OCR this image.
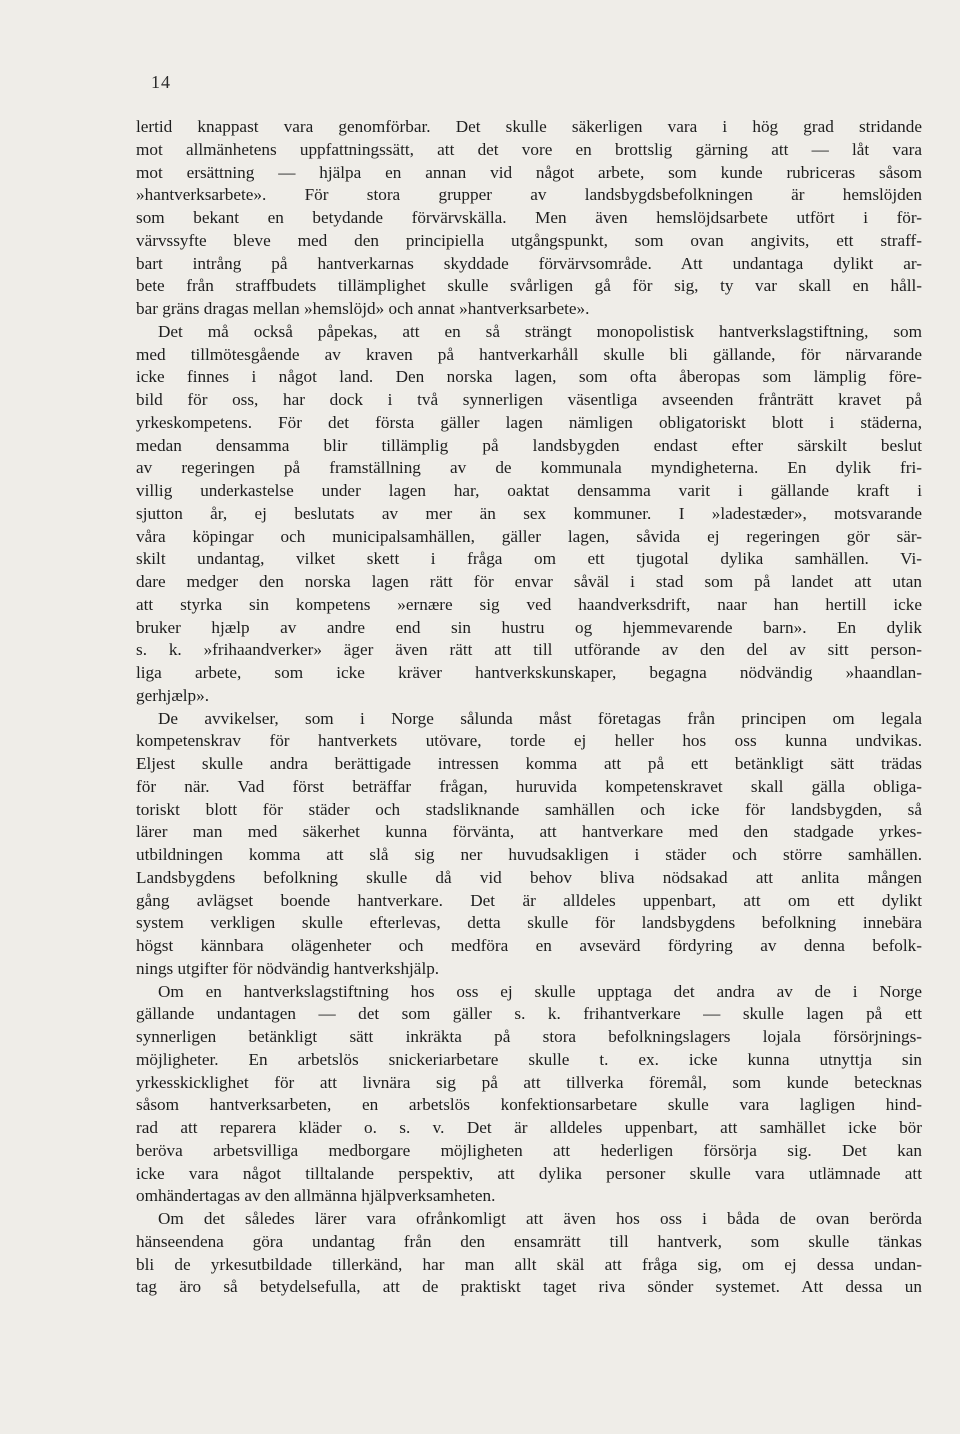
14
lertid knappast vara genomförbar. Det skulle säkerligen vara i hög grad stridande
mot allmänhetens uppfattningssätt, att det vore en brottslig gärning att — låt vara
mot ersättning — hjälpa en annan vid något arbete, som kunde rubriceras såsom
»hantverksarbete». För stora grupper av landsbygdsbefolkningen är hemslöjden
som bekant en betydande förvärvskälla. Men även hemslöjdsarbete utfört i för-
värvssyfte bleve med den principiella utgångspunkt, som ovan angivits, ett straff-
bart intrång på hantverkarnas skyddade förvärvsområde. Att undantaga dylikt ar-
bete från straffbudets tillämplighet skulle svårligen gå för sig, ty var skall en håll-
bar gräns dragas mellan »hemslöjd» och annat »hantverksarbete».
Det må också påpekas, att en så strängt monopolistisk hantverkslagstiftning, som
med tillmötesgående av kraven på hantverkarhåll skulle bli gällande, för närvarande
icke finnes i något land. Den norska lagen, som ofta åberopas som lämplig före-
bild för oss, har dock i två synnerligen väsentliga avseenden frånträtt kravet på
yrkeskompetens. För det första gäller lagen nämligen obligatoriskt blott i städerna,
medan densamma blir tillämplig på landsbygden endast efter särskilt beslut
av regeringen på framställning av de kommunala myndigheterna. En dylik fri-
villig underkastelse under lagen har, oaktat densamma varit i gällande kraft i
sjutton år, ej beslutats av mer än sex kommuner. I »ladestæder», motsvarande
våra köpingar och municipalsamhällen, gäller lagen, såvida ej regeringen gör sär-
skilt undantag, vilket skett i fråga om ett tjugotal dylika samhällen. Vi-
dare medger den norska lagen rätt för envar såväl i stad som på landet att utan
att styrka sin kompetens »ernære sig ved haandverksdrift, naar han hertill icke
bruker hjælp av andre end sin hustru og hjemmevarende barn». En dylik
s. k. »frihaandverker» äger även rätt att till utförande av den del av sitt person-
liga arbete, som icke kräver hantverkskunskaper, begagna nödvändig »haandlan-
gerhjælp».
De avvikelser, som i Norge sålunda måst företagas från principen om legala
kompetenskrav för hantverkets utövare, torde ej heller hos oss kunna undvikas.
Eljest skulle andra berättigade intressen komma att på ett betänkligt sätt trädas
för när. Vad först beträffar frågan, huruvida kompetenskravet skall gälla obliga-
toriskt blott för städer och stadsliknande samhällen och icke för landsbygden, så
lärer man med säkerhet kunna förvänta, att hantverkare med den stadgade yrkes-
utbildningen komma att slå sig ner huvudsakligen i städer och större samhällen.
Landsbygdens befolkning skulle då vid behov bliva nödsakad att anlita mången
gång avlägset boende hantverkare. Det är alldeles uppenbart, att om ett dylikt
system verkligen skulle efterlevas, detta skulle för landsbygdens befolkning innebära
högst kännbara olägenheter och medföra en avsevärd fördyring av denna befolk-
nings utgifter för nödvändig hantverkshjälp.
Om en hantverkslagstiftning hos oss ej skulle upptaga det andra av de i Norge
gällande undantagen — det som gäller s. k. frihantverkare — skulle lagen på ett
synnerligen betänkligt sätt inkräkta på stora befolkningslagers lojala försörjnings-
möjligheter. En arbetslös snickeriarbetare skulle t. ex. icke kunna utnyttja sin
yrkesskicklighet för att livnära sig på att tillverka föremål, som kunde betecknas
såsom hantverksarbeten, en arbetslös konfektionsarbetare skulle vara lagligen hind-
rad att reparera kläder o. s. v. Det är alldeles uppenbart, att samhället icke bör
beröva arbetsvilliga medborgare möjligheten att hederligen försörja sig. Det kan
icke vara något tilltalande perspektiv, att dylika personer skulle vara utlämnade att
omhändertagas av den allmänna hjälpverksamheten.
Om det således lärer vara ofrånkomligt att även hos oss i båda de ovan berörda
hänseendena göra undantag från den ensamrätt till hantverk, som skulle tänkas
bli de yrkesutbildade tillerkänd, har man allt skäl att fråga sig, om ej dessa undan-
tag äro så betydelsefulla, att de praktiskt taget riva sönder systemet. Att dessa un
